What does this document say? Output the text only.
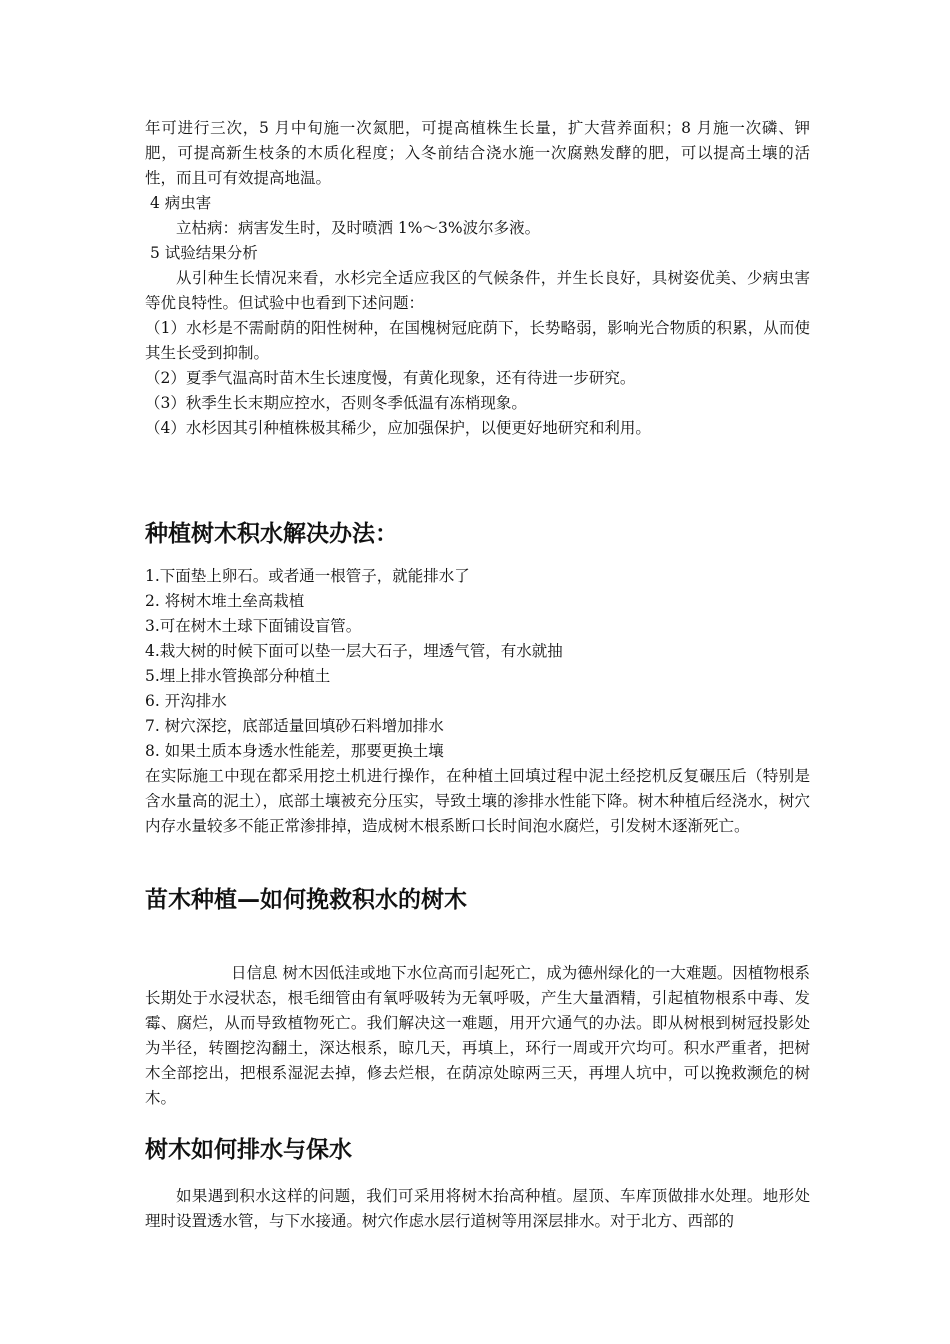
年可进行三次，5 月中旬施一次氮肥，可提高植株生长量，扩大营养面积；8 月施一次磷、钾肥，可提高新生枝条的木质化程度；入冬前结合浇水施一次腐熟发酵的肥，可以提高土壤的活性，而且可有效提高地温。

4 病虫害

立枯病：病害发生时，及时喷洒 1%～3%波尔多液。

5 试验结果分析

从引种生长情况来看，水杉完全适应我区的气候条件，并生长良好，具树姿优美、少病虫害等优良特性。但试验中也看到下述问题：

（1）水杉是不需耐荫的阳性树种，在国槐树冠庇荫下，长势略弱，影响光合物质的积累，从而使其生长受到抑制。

（2）夏季气温高时苗木生长速度慢，有黄化现象，还有待进一步研究。

（3）秋季生长末期应控水，否则冬季低温有冻梢现象。

（4）水杉因其引种植株极其稀少，应加强保护，以便更好地研究和利用。

种植树木积水解决办法：

1.下面垫上卵石。或者通一根管子，就能排水了

2. 将树木堆土垒高栽植

3.可在树木土球下面铺设盲管。

4.栽大树的时候下面可以垫一层大石子，埋透气管，有水就抽

5.埋上排水管换部分种植土

6. 开沟排水

7. 树穴深挖，底部适量回填砂石料增加排水

8. 如果土质本身透水性能差，那要更换土壤

在实际施工中现在都采用挖土机进行操作，在种植土回填过程中泥土经挖机反复碾压后（特别是含水量高的泥土），底部土壤被充分压实，导致土壤的渗排水性能下降。树木种植后经浇水，树穴内存水量较多不能正常渗排掉，造成树木根系断口长时间泡水腐烂，引发树木逐渐死亡。

苗木种植—如何挽救积水的树木

日信息 树木因低洼或地下水位高而引起死亡，成为德州绿化的一大难题。因植物根系长期处于水浸状态，根毛细管由有氧呼吸转为无氧呼吸，产生大量酒精，引起植物根系中毒、发霉、腐烂，从而导致植物死亡。我们解决这一难题，用开穴通气的办法。即从树根到树冠投影处为半径，转圈挖沟翻土，深达根系，晾几天，再填上，环行一周或开穴均可。积水严重者，把树木全部挖出，把根系湿泥去掉，修去烂根，在荫凉处晾两三天，再埋人坑中，可以挽救濒危的树木。

树木如何排水与保水

如果遇到积水这样的问题，我们可采用将树木抬高种植。屋顶、车库顶做排水处理。地形处理时设置透水管，与下水接通。树穴作虑水层行道树等用深层排水。对于北方、西部的
